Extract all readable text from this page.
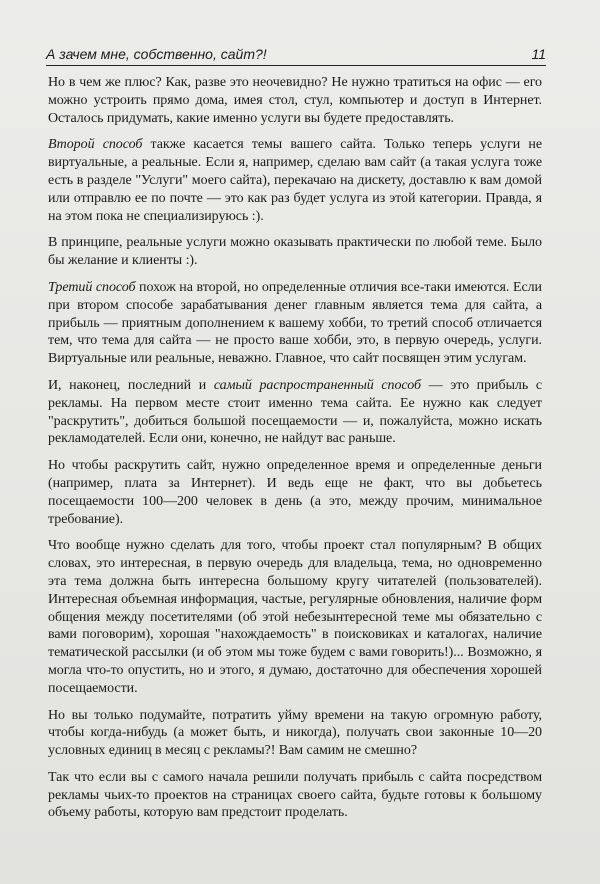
А зачем мне, собственно, сайт?!	11

Но в чем же плюс? Как, разве это неочевидно? Не нужно тратиться на офис — его можно устроить прямо дома, имея стол, стул, компьютер и доступ в Интернет. Осталось придумать, какие именно услуги вы будете предоставлять.

Второй способ также касается темы вашего сайта. Только теперь услуги не виртуальные, а реальные. Если я, например, сделаю вам сайт (а такая услуга тоже есть в разделе "Услуги" моего сайта), перекачаю на дискету, доставлю к вам домой или отправлю ее по почте — это как раз будет услуга из этой категории. Правда, я на этом пока не специализируюсь :).

В принципе, реальные услуги можно оказывать практически по любой теме. Было бы желание и клиенты :).

Третий способ похож на второй, но определенные отличия все-таки имеются. Если при втором способе зарабатывания денег главным является тема для сайта, а прибыль — приятным дополнением к вашему хобби, то третий способ отличается тем, что тема для сайта — не просто ваше хобби, это, в первую очередь, услуги. Виртуальные или реальные, неважно. Главное, что сайт посвящен этим услугам.

И, наконец, последний и самый распространенный способ — это прибыль с рекламы. На первом месте стоит именно тема сайта. Ее нужно как следует "раскрутить", добиться большой посещаемости — и, пожалуйста, можно искать рекламодателей. Если они, конечно, не найдут вас раньше.

Но чтобы раскрутить сайт, нужно определенное время и определенные деньги (например, плата за Интернет). И ведь еще не факт, что вы добьетесь посещаемости 100—200 человек в день (а это, между прочим, минимальное требование).

Что вообще нужно сделать для того, чтобы проект стал популярным? В общих словах, это интересная, в первую очередь для владельца, тема, но одновременно эта тема должна быть интересна большому кругу читателей (пользователей). Интересная объемная информация, частые, регулярные обновления, наличие форм общения между посетителями (об этой небезынтересной теме мы обязательно с вами поговорим), хорошая "нахождаемость" в поисковиках и каталогах, наличие тематической рассылки (и об этом мы тоже будем с вами говорить!)... Возможно, я могла что-то опустить, но и этого, я думаю, достаточно для обеспечения хорошей посещаемости.

Но вы только подумайте, потратить уйму времени на такую огромную работу, чтобы когда-нибудь (а может быть, и никогда), получать свои законные 10—20 условных единиц в месяц с рекламы?! Вам самим не смешно?

Так что если вы с самого начала решили получать прибыль с сайта посредством рекламы чьих-то проектов на страницах своего сайта, будьте готовы к большому объему работы, которую вам предстоит проделать.
